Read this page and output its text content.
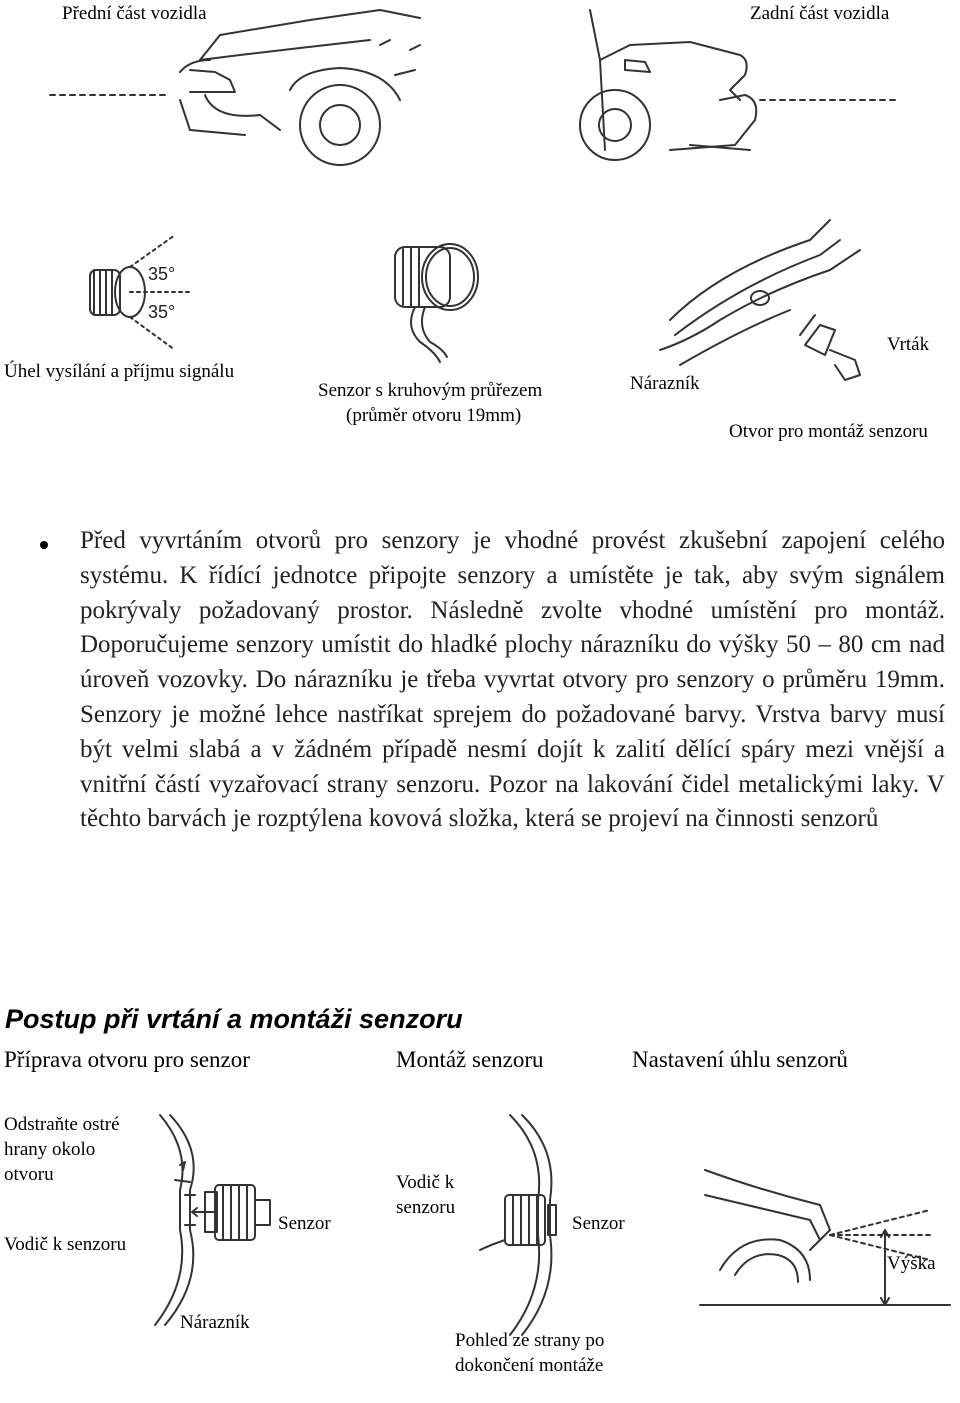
Přední část vozidla	Zadní část vozidla
Úhel vysílání a příjmu signálu
35°
35°
Senzor s kruhovým průřezem
(průměr otvoru 19mm)
Vrták
Nárazník
Otvor pro montáž senzoru
Před vyvrtáním otvorů pro senzory je vhodné provést zkušební zapojení celého systému. K řídící jednotce připojte senzory a umístěte je tak, aby svým signálem pokrývaly požadovaný prostor. Následně zvolte vhodné umístění pro montáž. Doporučujeme senzory umístit do hladké plochy nárazníku do výšky 50 – 80 cm nad úroveň vozovky. Do nárazníku je třeba vyvrtat otvory pro senzory o průměru 19mm. Senzory je možné lehce nastříkat sprejem do požadované barvy. Vrstva barvy musí být velmi slabá a v žádném případě nesmí dojít k zalití dělící spáry mezi vnější a vnitřní částí vyzařovací strany senzoru. Pozor na lakování čidel metalickými laky. V těchto barvách je rozptýlena kovová složka, která se projeví na činnosti senzorů
Postup při vrtání a montáži senzoru
Příprava otvoru pro senzor	Montáž senzoru	Nastavení úhlu senzorů
Odstraňte ostré hrany okolo otvoru
Vodič k senzoru
Senzor
Nárazník
Vodič k senzoru
Senzor
Pohled ze strany po dokončení montáže
Výška
